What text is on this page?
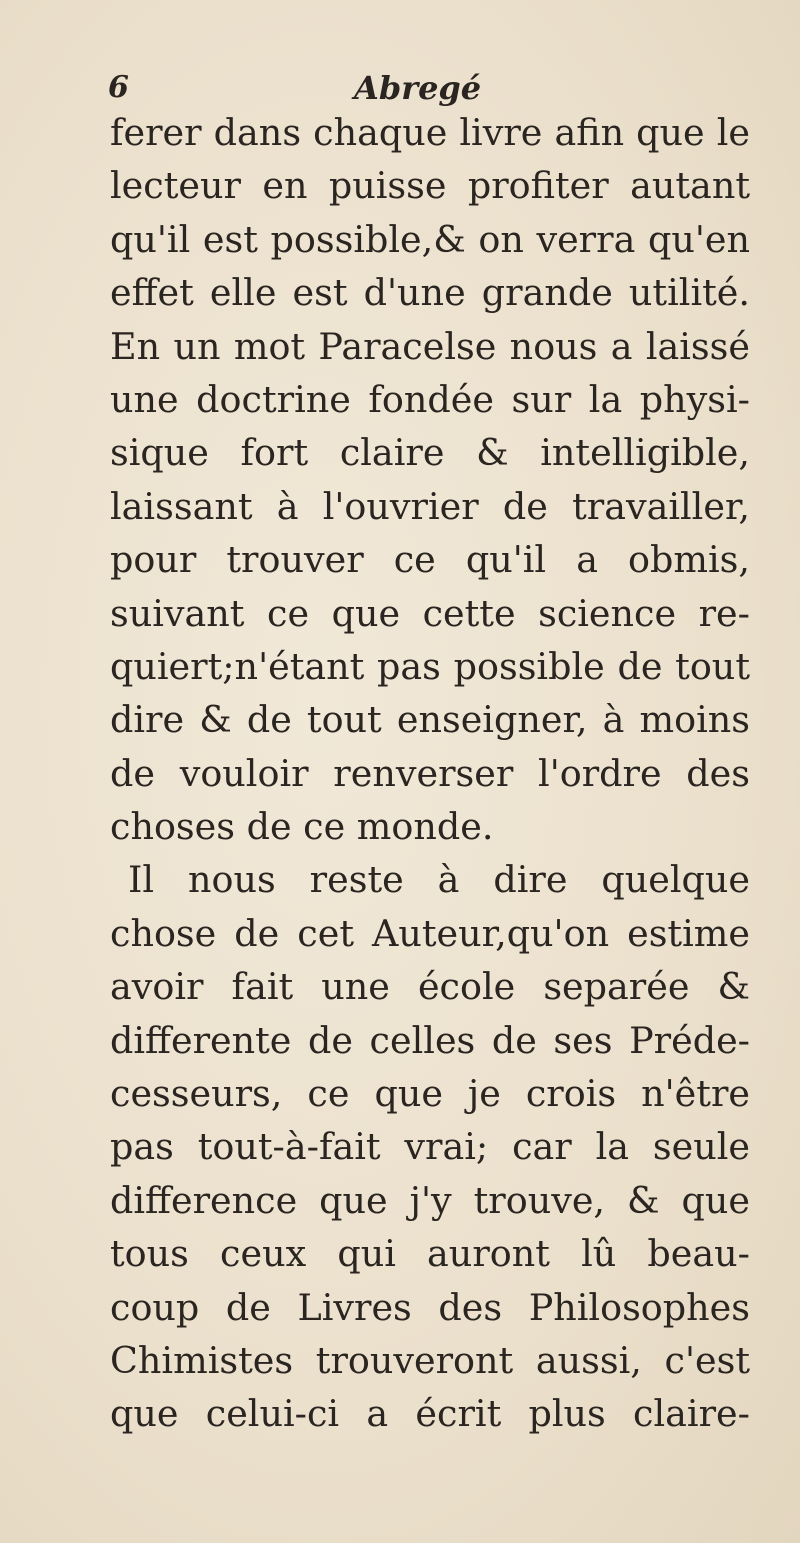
6	Abregé
ferer dans chaque livre afin que le
lecteur en puisse profiter autant
qu'il est possible,& on verra qu'en
effet elle est d'une grande utilité.
En un mot Paracelse nous a laissé
une doctrine fondée sur la physi-
sique fort claire & intelligible,
laissant à l'ouvrier de travailler,
pour trouver ce qu'il a obmis,
suivant ce que cette science re-
quiert;n'étant pas possible de tout
dire & de tout enseigner, à moins
de vouloir renverser l'ordre des
choses de ce monde.
Il nous reste à dire quelque
chose de cet Auteur,qu'on estime
avoir fait une école separée &
differente de celles de ses Préde-
cesseurs, ce que je crois n'être
pas tout-à-fait vrai; car la seule
difference que j'y trouve, & que
tous ceux qui auront lû beau-
coup de Livres des Philosophes
Chimistes trouveront aussi, c'est
que celui-ci a écrit plus claire-
